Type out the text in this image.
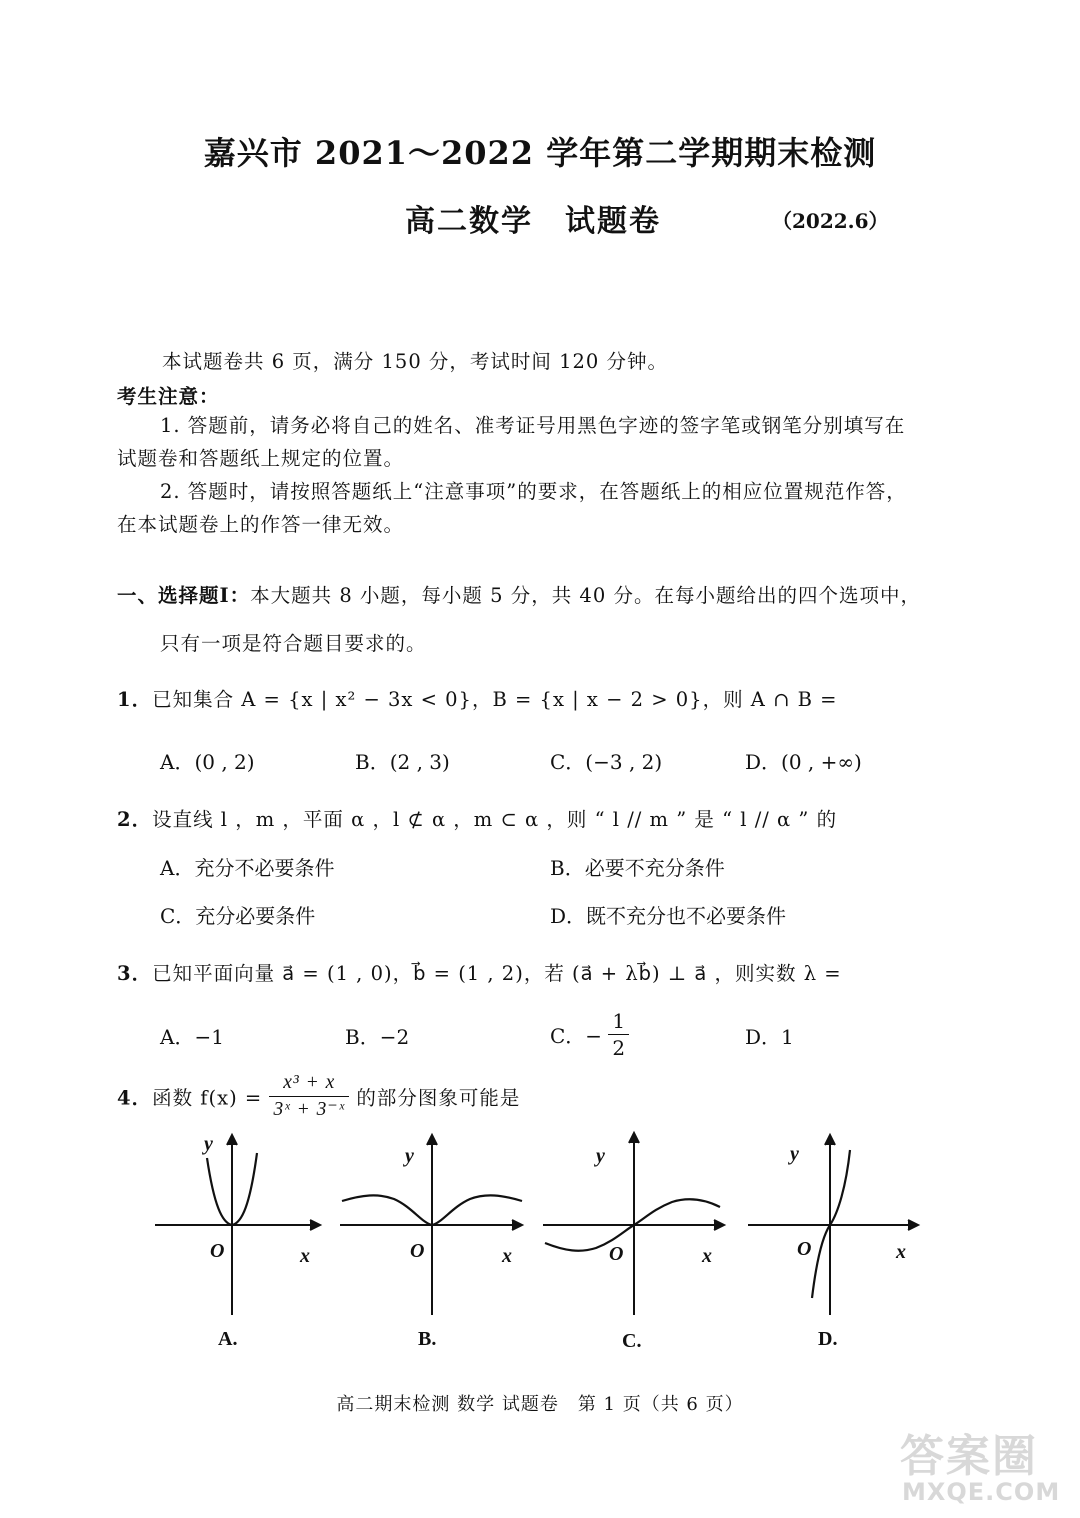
嘉兴市 2021～2022 学年第二学期期末检测
高二数学　试题卷	（2022.6）
本试题卷共 6 页，满分 150 分，考试时间 120 分钟。
考生注意：
1. 答题前，请务必将自己的姓名、准考证号用黑色字迹的签字笔或钢笔分别填写在
试题卷和答题纸上规定的位置。
2. 答题时，请按照答题纸上“注意事项”的要求，在答题纸上的相应位置规范作答，
在本试题卷上的作答一律无效。
一、选择题Ⅰ：本大题共 8 小题，每小题 5 分，共 40 分。在每小题给出的四个选项中，
只有一项是符合题目要求的。
1．已知集合 A = {x | x² − 3x < 0}，B = {x | x − 2 > 0}，则 A ∩ B =
A．(0 , 2)	B．(2 , 3)	C．(−3 , 2)	D．(0 , +∞)
2．设直线 l ，m ，平面 α ，l ⊄ α ，m ⊂ α ，则 “ l // m ” 是 “ l // α ” 的
A．充分不必要条件	B．必要不充分条件
C．充分必要条件	D．既不充分也不必要条件
3．已知平面向量 a⃗ = (1 , 0)，b⃗ = (1 , 2)，若 (a⃗ + λb⃗) ⊥ a⃗ ，则实数 λ =
A．−1	B．−2	C．− $\frac{1}{2}$	D．1
4．函数 $f(x) = \frac{\text{x³ + x}}{\text{3ˣ + 3⁻ˣ}}$ 的部分图象可能是
y
x
O
y
x
O
y
x
O
y
x
O
A.	B.	C.	D.
高二期末检测 数学 试题卷　第 1 页（共 6 页）
答案圈
MXQE.COM
